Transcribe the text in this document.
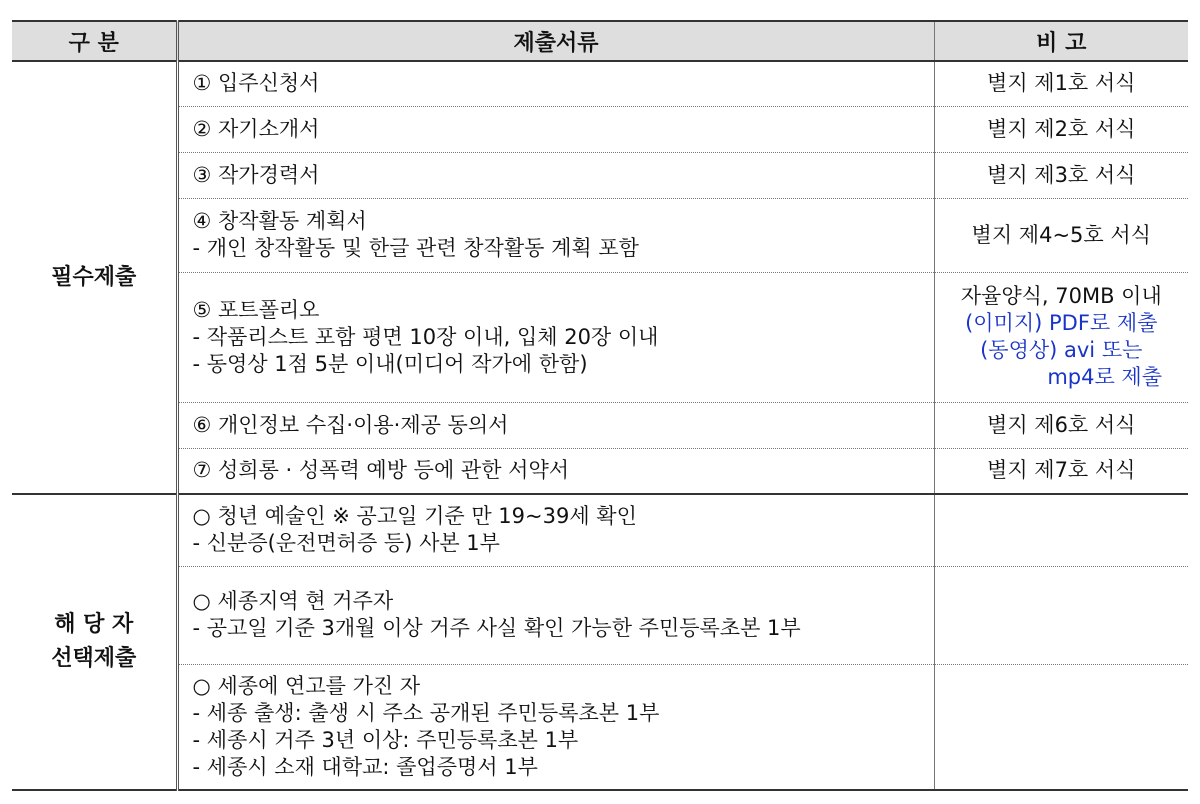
구 분	제출서류	비 고
필수제출	① 입주신청서	별지 제1호 서식
	② 자기소개서	별지 제2호 서식
	③ 작가경력서	별지 제3호 서식

	④ 창작활동 계획서
- 개인 창작활동 및 한글 관련 창작활동 계획 포함	별지 제4~5호 서식

	⑤ 포트폴리오
- 작품리스트 포함 평면 10장 이내, 입체 20장 이내
- 동영상 1점 5분 이내(미디어 작가에 한함)	자율양식, 70MB 이내
(이미지) PDF로 제출
(동영상) avi 또는
mp4로 제출

	⑥ 개인정보 수집·이용·제공 동의서	별지 제6호 서식
	⑦ 성희롱 · 성폭력 예방 등에 관한 서약서	별지 제7호 서식

해 당 자
선택제출	○ 청년 예술인 ※ 공고일 기준 만 19~39세 확인
- 신분증(운전면허증 등) 사본 1부	

	○ 세종지역 현 거주자
- 공고일 기준 3개월 이상 거주 사실 확인 가능한 주민등록초본 1부	

	○ 세종에 연고를 가진 자
- 세종 출생: 출생 시 주소 공개된 주민등록초본 1부
- 세종시 거주 3년 이상: 주민등록초본 1부
- 세종시 소재 대학교: 졸업증명서 1부	
